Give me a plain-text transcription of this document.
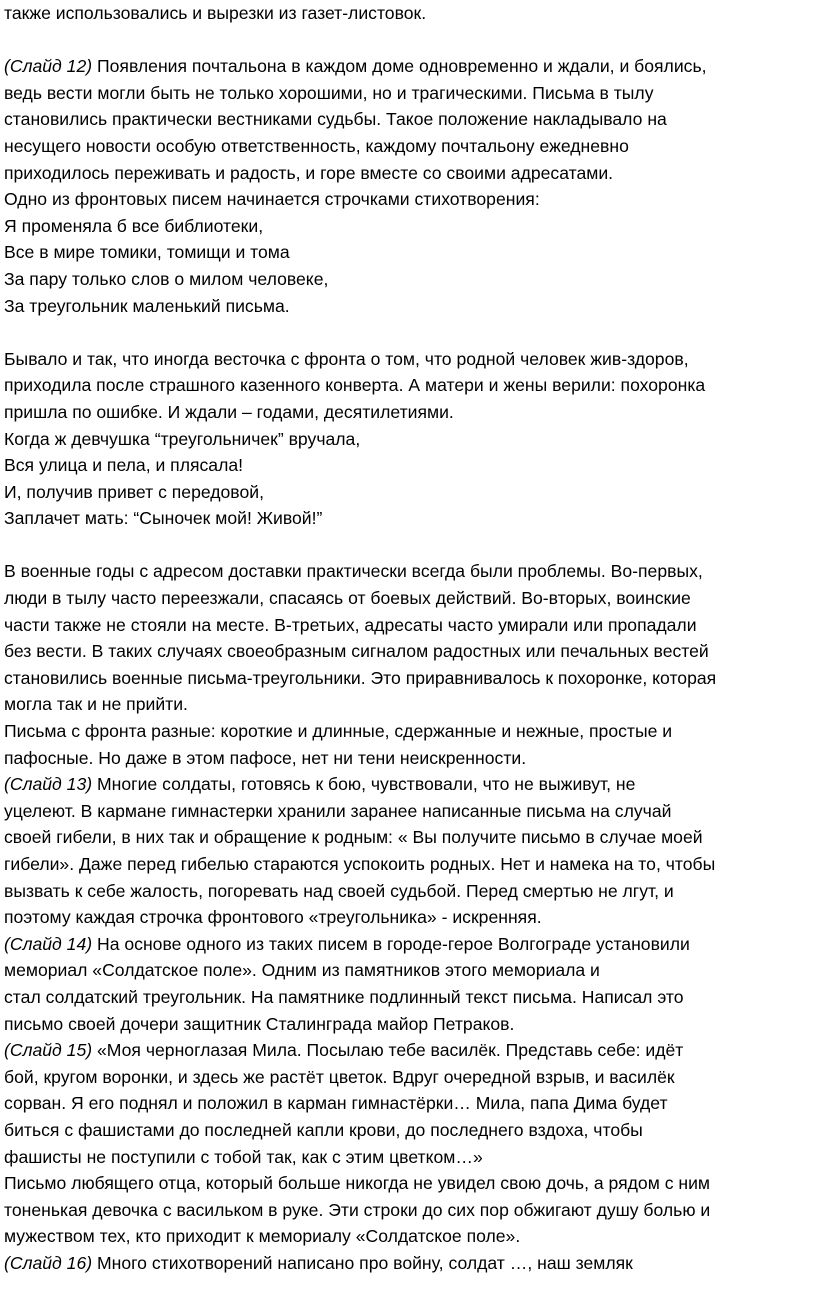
также использовались и вырезки из газет-листовок.
(Слайд 12) Появления почтальона в каждом доме одновременно и ждали, и боялись,
ведь вести могли быть не только хорошими, но и трагическими. Письма в тылу
становились практически вестниками судьбы. Такое положение накладывало на
несущего новости особую ответственность, каждому почтальону ежедневно
приходилось переживать и радость, и горе вместе со своими адресатами.
Одно из фронтовых писем начинается строчками стихотворения:
Я променяла б все библиотеки,
Все в мире томики, томищи и тома
За пару только слов о милом человеке,
За треугольник маленький письма.
Бывало и так, что иногда весточка с фронта о том, что родной человек жив-здоров,
приходила после страшного казенного конверта. А матери и жены верили: похоронка
пришла по ошибке. И ждали – годами, десятилетиями.
Когда ж девчушка “треугольничек” вручала,
Вся улица и пела, и плясала!
И, получив привет с передовой,
Заплачет мать: “Сыночек мой! Живой!”
В военные годы с адресом доставки практически всегда были проблемы. Во-первых,
люди в тылу часто переезжали, спасаясь от боевых действий. Во-вторых, воинские
части также не стояли на месте. В-третьих, адресаты часто умирали или пропадали
без вести. В таких случаях своеобразным сигналом радостных или печальных вестей
становились военные письма-треугольники. Это приравнивалось к похоронке, которая
могла так и не прийти.
Письма с фронта разные: короткие и длинные, сдержанные и нежные, простые и
пафосные. Но даже в этом пафосе, нет ни тени неискренности.
(Слайд 13) Многие солдаты, готовясь к бою, чувствовали, что не выживут, не
уцелеют. В кармане гимнастерки хранили заранее написанные письма на случай
своей гибели, в них так и обращение к родным: « Вы получите письмо в случае моей
гибели». Даже перед гибелью стараются успокоить родных. Нет и намека на то, чтобы
вызвать к себе жалость, погоревать над своей судьбой. Перед смертью не лгут, и
поэтому каждая строчка фронтового «треугольника» - искренняя.
(Слайд 14) На основе одного из таких писем в городе-герое Волгограде установили
мемориал «Солдатское поле». Одним из памятников этого мемориала и
стал солдатский треугольник. На памятнике подлинный текст письма. Написал это
письмо своей дочери защитник Сталинграда майор Петраков.
(Слайд 15) «Моя черноглазая Мила. Посылаю тебе василёк. Представь себе: идёт
бой, кругом воронки, и здесь же растёт цветок. Вдруг очередной взрыв, и василёк
сорван. Я его поднял и положил в карман гимнастёрки… Мила, папа Дима будет
биться с фашистами до последней капли крови, до последнего вздоха, чтобы
фашисты не поступили с тобой так, как с этим цветком…»
Письмо любящего отца, который больше никогда не увидел свою дочь, а рядом с ним
тоненькая девочка с васильком в руке. Эти строки до сих пор обжигают душу болью и
мужеством тех, кто приходит к мемориалу «Солдатское поле».
(Слайд 16) Много стихотворений написано про войну, солдат …, наш земляк
